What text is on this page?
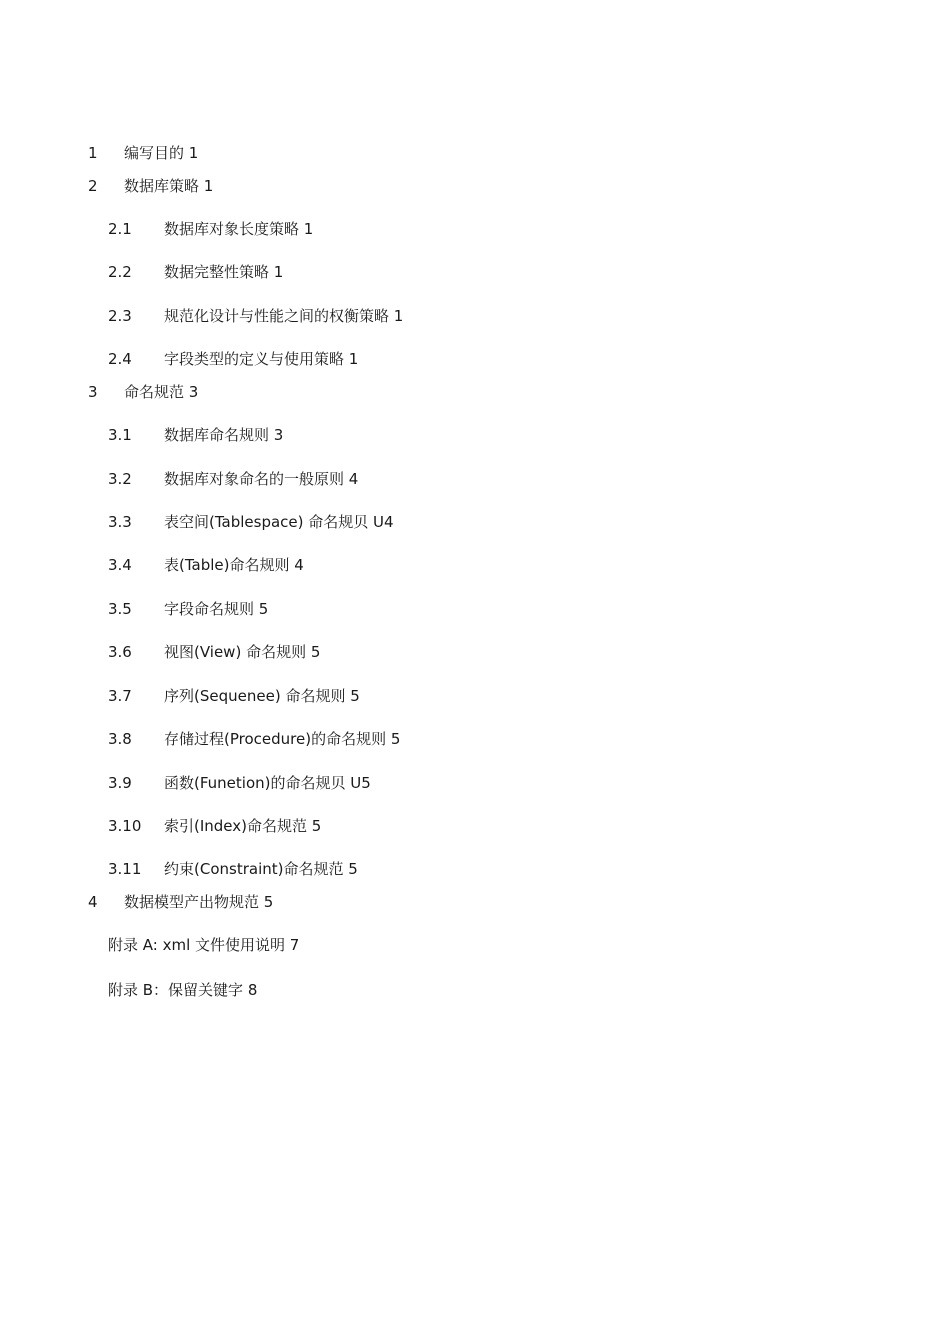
1 编写目的 1
2 数据库策略 1
2.1 数据库对象长度策略 1
2.2 数据完整性策略 1
2.3 规范化设计与性能之间的权衡策略 1
2.4 字段类型的定义与使用策略 1
3 命名规范 3
3.1 数据库命名规则 3
3.2 数据库对象命名的一般原则 4
3.3 表空间(Tablespace) 命名规贝 U4
3.4 表(Table)命名规则 4
3.5 字段命名规则 5
3.6 视图(View) 命名规则 5
3.7 序列(Sequenee) 命名规则 5
3.8 存储过程(Procedure)的命名规则 5
3.9 函数(Funetion)的命名规贝 U5
3.10 索引(Index)命名规范 5
3.11 约束(Constraint)命名规范 5
4 数据模型产出物规范 5
附录 A: xml 文件使用说明 7
附录 B：保留关键字 8
